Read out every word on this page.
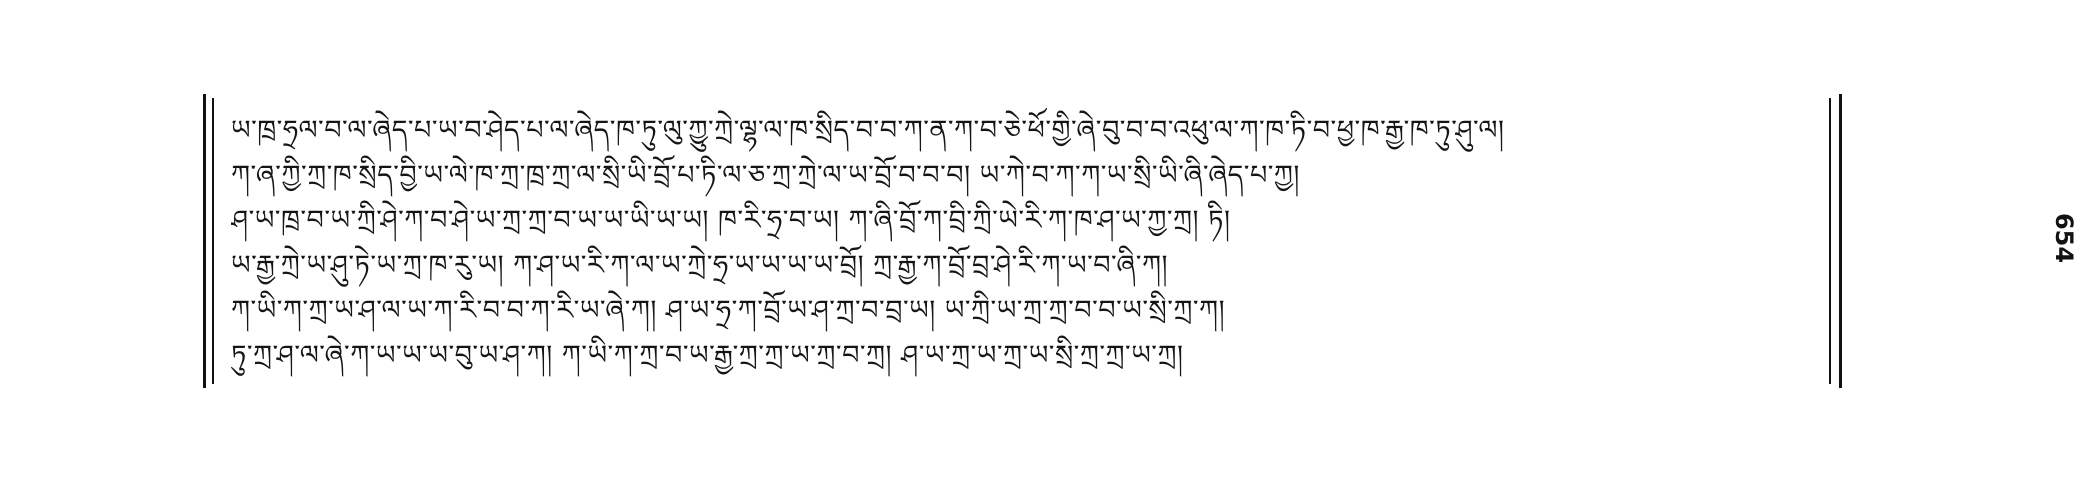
ཡ་ཁྲ་ཧྲལ་བ་ལ་ཞེད་པ་ཡ་བ་ཤེད་པ་ལ་ཞེད་ཁ་ཏུ་ལུ་ཀྱུ་ཀྲེ་ལྷ་ལ་ཁ་སྲིད་བ་བ་ཀ་ན་ཀ་བ་ཅེ་ཕོ་གྱི་ཞེ་བུ་བ་བ་འཕུ་ལ་ཀ་ཁ་ཏི་བ་ཕྱ་ཁ་རྒྱ་ཁ་ཏུ་ཤུ་ལ།
ཀ་ཞ་ཀྱི་ཀྲ་ཁ་སྲིད་བྱི་ཡ་ལེ་ཁ་ཀྲ་ཁྲ་ཀྲ་ལ་སྲི་ཡི་བྲོ་པ་ཏི་ལ་ཅ་ཀྲ་ཀྲེ་ལ་ཡ་བྲོ་བ་བ་བ། ཡ་ཀེ་བ་ཀ་ཀ་ཡ་སྲི་ཡི་ཞི་ཞེད་པ་ཀྱ།
ཤ་ཡ་ཁྲ་བ་ཡ་ཀྲི་ཤེ་ཀ་བ་ཤེ་ཡ་ཀྲ་ཀྲ་བ་ཡ་ཡ་ཡི་ཡ་ཡ། ཁ་རི་ཧྲ་བ་ཡ། ཀ་ཞི་བྲོ་ཀ་བྲི་ཀྲི་ཡེ་རི་ཀ་ཁ་ཤ་ཡ་ཀྱ་ཀྲ། ཏི།
ཡ་རྒྱ་ཀྲེ་ཡ་ཤུ་ཏེ་ཡ་ཀྲ་ཁ་རུ་ཡ། ཀ་ཤ་ཡ་རི་ཀ་ལ་ཡ་ཀྲེ་ཧྲ་ཡ་ཡ་ཡ་ཡ་བྲོ། ཀྲ་རྒྱ་ཀ་བྲོ་བྲ་ཤེ་རི་ཀ་ཡ་བ་ཞི་ཀ།
ཀ་ཡི་ཀ་ཀྲ་ཡ་ཤ་ལ་ཡ་ཀ་རི་བ་བ་ཀ་རི་ཡ་ཞེ་ཀ། ཤ་ཡ་ཧྲ་ཀ་བྲོ་ཡ་ཤ་ཀྲ་བ་བྲ་ཡ། ཡ་ཀྲི་ཡ་ཀྲ་ཀྲ་བ་བ་ཡ་སྲི་ཀྲ་ཀ།
ཏུ་ཀྲ་ཤ་ལ་ཞེ་ཀ་ཡ་ཡ་ཡ་བུ་ཡ་ཤ་ཀ། ཀ་ཡི་ཀ་ཀྲ་བ་ཡ་རྒྱ་ཀྲ་ཀྲ་ཡ་ཀྲ་བ་ཀྲ། ཤ་ཡ་ཀྲ་ཡ་ཀྲ་ཡ་སྲི་ཀྲ་ཀྲ་ཡ་ཀྲ།
654
